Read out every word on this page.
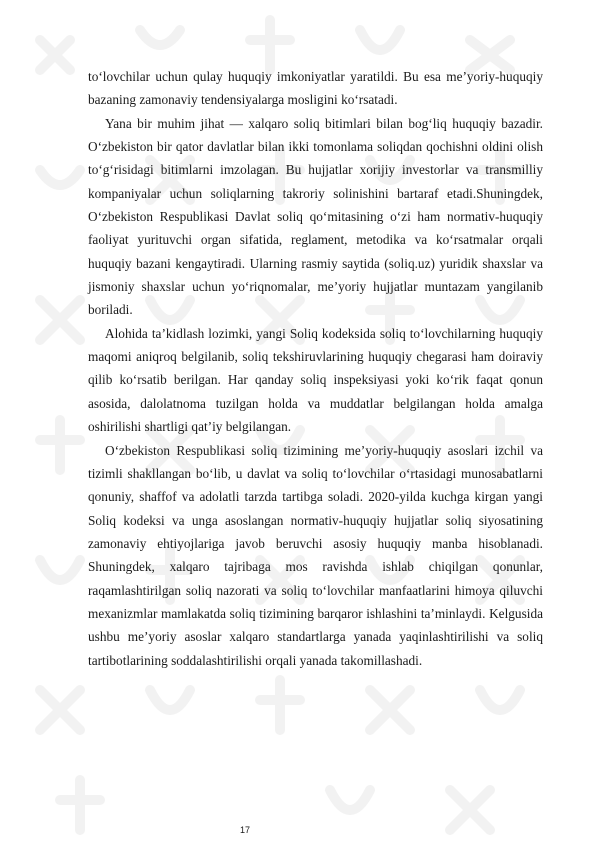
to‘lovchilar uchun qulay huquqiy imkoniyatlar yaratildi. Bu esa me’yoriy-huquqiy bazaning zamonaviy tendensiyalarga mosligini ko‘rsatadi.

Yana bir muhim jihat — xalqaro soliq bitimlari bilan bog‘liq huquqiy bazadir. O‘zbekiston bir qator davlatlar bilan ikki tomonlama soliqdan qochishni oldini olish to‘g‘risidagi bitimlarni imzolagan. Bu hujjatlar xorijiy investorlar va transmilliy kompaniyalar uchun soliqlarning takroriy solinishini bartaraf etadi.Shuningdek, O‘zbekiston Respublikasi Davlat soliq qo‘mitasining o‘zi ham normativ-huquqiy faoliyat yurituvchi organ sifatida, reglament, metodika va ko‘rsatmalar orqali huquqiy bazani kengaytiradi. Ularning rasmiy saytida (soliq.uz) yuridik shaxslar va jismoniy shaxslar uchun yo‘riqnomalar, me’yoriy hujjatlar muntazam yangilanib boriladi.

Alohida ta’kidlash lozimki, yangi Soliq kodeksida soliq to‘lovchilarning huquqiy maqomi aniqroq belgilanib, soliq tekshiruvlarining huquqiy chegarasi ham doiraviy qilib ko‘rsatib berilgan. Har qanday soliq inspeksiyasi yoki ko‘rik faqat qonun asosida, dalolatnoma tuzilgan holda va muddatlar belgilangan holda amalga oshirilishi shartligi qat’iy belgilangan.

O‘zbekiston Respublikasi soliq tizimining me’yoriy-huquqiy asoslari izchil va tizimli shakllangan bo‘lib, u davlat va soliq to‘lovchilar o‘rtasidagi munosabatlarni qonuniy, shaffof va adolatli tarzda tartibga soladi. 2020-yilda kuchga kirgan yangi Soliq kodeksi va unga asoslangan normativ-huquqiy hujjatlar soliq siyosatining zamonaviy ehtiyojlariga javob beruvchi asosiy huquqiy manba hisoblanadi. Shuningdek, xalqaro tajribaga mos ravishda ishlab chiqilgan qonunlar, raqamlashtirilgan soliq nazorati va soliq to‘lovchilar manfaatlarini himoya qiluvchi mexanizmlar mamlakatda soliq tizimining barqaror ishlashini ta’minlaydi. Kelgusida ushbu me’yoriy asoslar xalqaro standartlarga yanada yaqinlashtirilishi va soliq tartibotlarining soddalashtirilishi orqali yanada takomillashadi.

17
